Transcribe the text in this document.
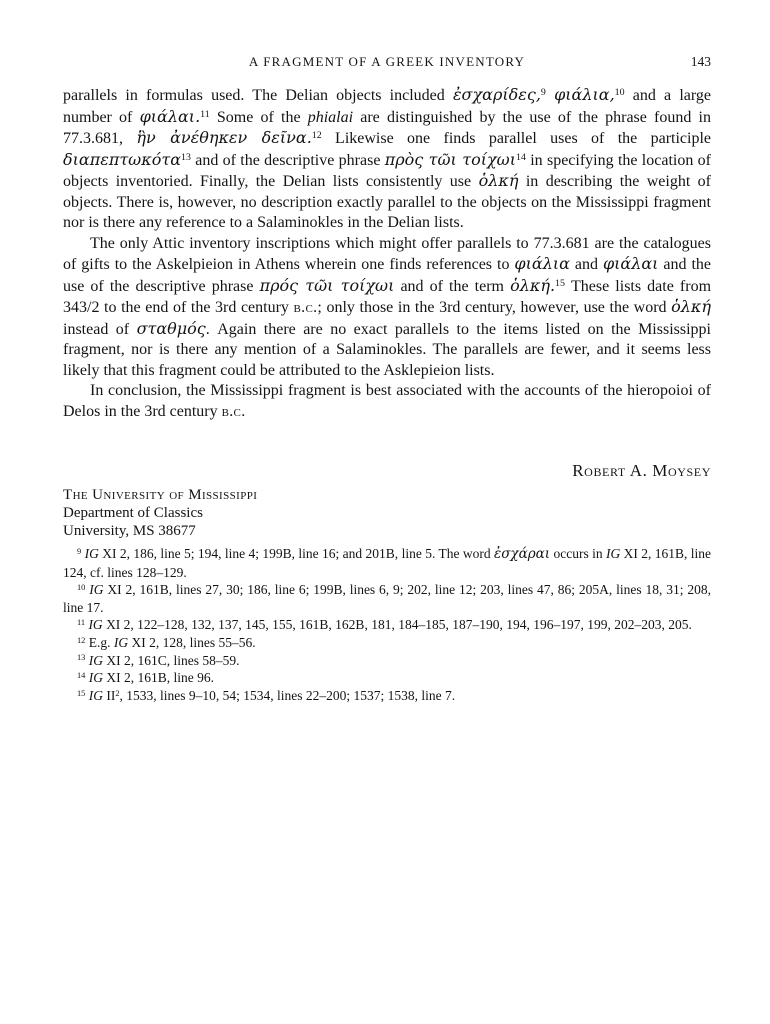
A FRAGMENT OF A GREEK INVENTORY	143

parallels in formulas used. The Delian objects included ἐσχαρίδες,$^9$ φιάλια,$^{10}$ and a large number of φιάλαι.$^{11}$ Some of the phialai are distinguished by the use of the phrase found in 77.3.681, ἣν ἀνέθηκεν δεῖνα.$^{12}$ Likewise one finds parallel uses of the participle διαπεπτωκότα$^{13}$ and of the descriptive phrase πρὸς τῶι τοίχωι$^{14}$ in specifying the location of objects inventoried. Finally, the Delian lists consistently use ὁλκή in describing the weight of objects. There is, however, no description exactly parallel to the objects on the Mississippi fragment nor is there any reference to a Salaminokles in the Delian lists.

The only Attic inventory inscriptions which might offer parallels to 77.3.681 are the catalogues of gifts to the Askelpieion in Athens wherein one finds references to φιάλια and φιάλαι and the use of the descriptive phrase πρός τῶι τοίχωι and of the term ὁλκή.$^{15}$ These lists date from 343/2 to the end of the 3rd century b.c.; only those in the 3rd century, however, use the word ὁλκή instead of σταθμός. Again there are no exact parallels to the items listed on the Mississippi fragment, nor is there any mention of a Salaminokles. The parallels are fewer, and it seems less likely that this fragment could be attributed to the Asklepieion lists.

In conclusion, the Mississippi fragment is best associated with the accounts of the hieropoioi of Delos in the 3rd century b.c.

Robert A. Moysey
The University of Mississippi
Department of Classics
University, MS 38677

$^9$ IG XI 2, 186, line 5; 194, line 4; 199B, line 16; and 201B, line 5. The word ἐσχάραι occurs in IG XI 2, 161B, line 124, cf. lines 128–129.

$^{10}$ IG XI 2, 161B, lines 27, 30; 186, line 6; 199B, lines 6, 9; 202, line 12; 203, lines 47, 86; 205A, lines 18, 31; 208, line 17.

$^{11}$ IG XI 2, 122–128, 132, 137, 145, 155, 161B, 162B, 181, 184–185, 187–190, 194, 196–197, 199, 202–203, 205.

$^{12}$ E.g. IG XI 2, 128, lines 55–56.

$^{13}$ IG XI 2, 161C, lines 58–59.

$^{14}$ IG XI 2, 161B, line 96.

$^{15}$ IG $II^2$, 1533, lines 9–10, 54; 1534, lines 22–200; 1537; 1538, line 7.
